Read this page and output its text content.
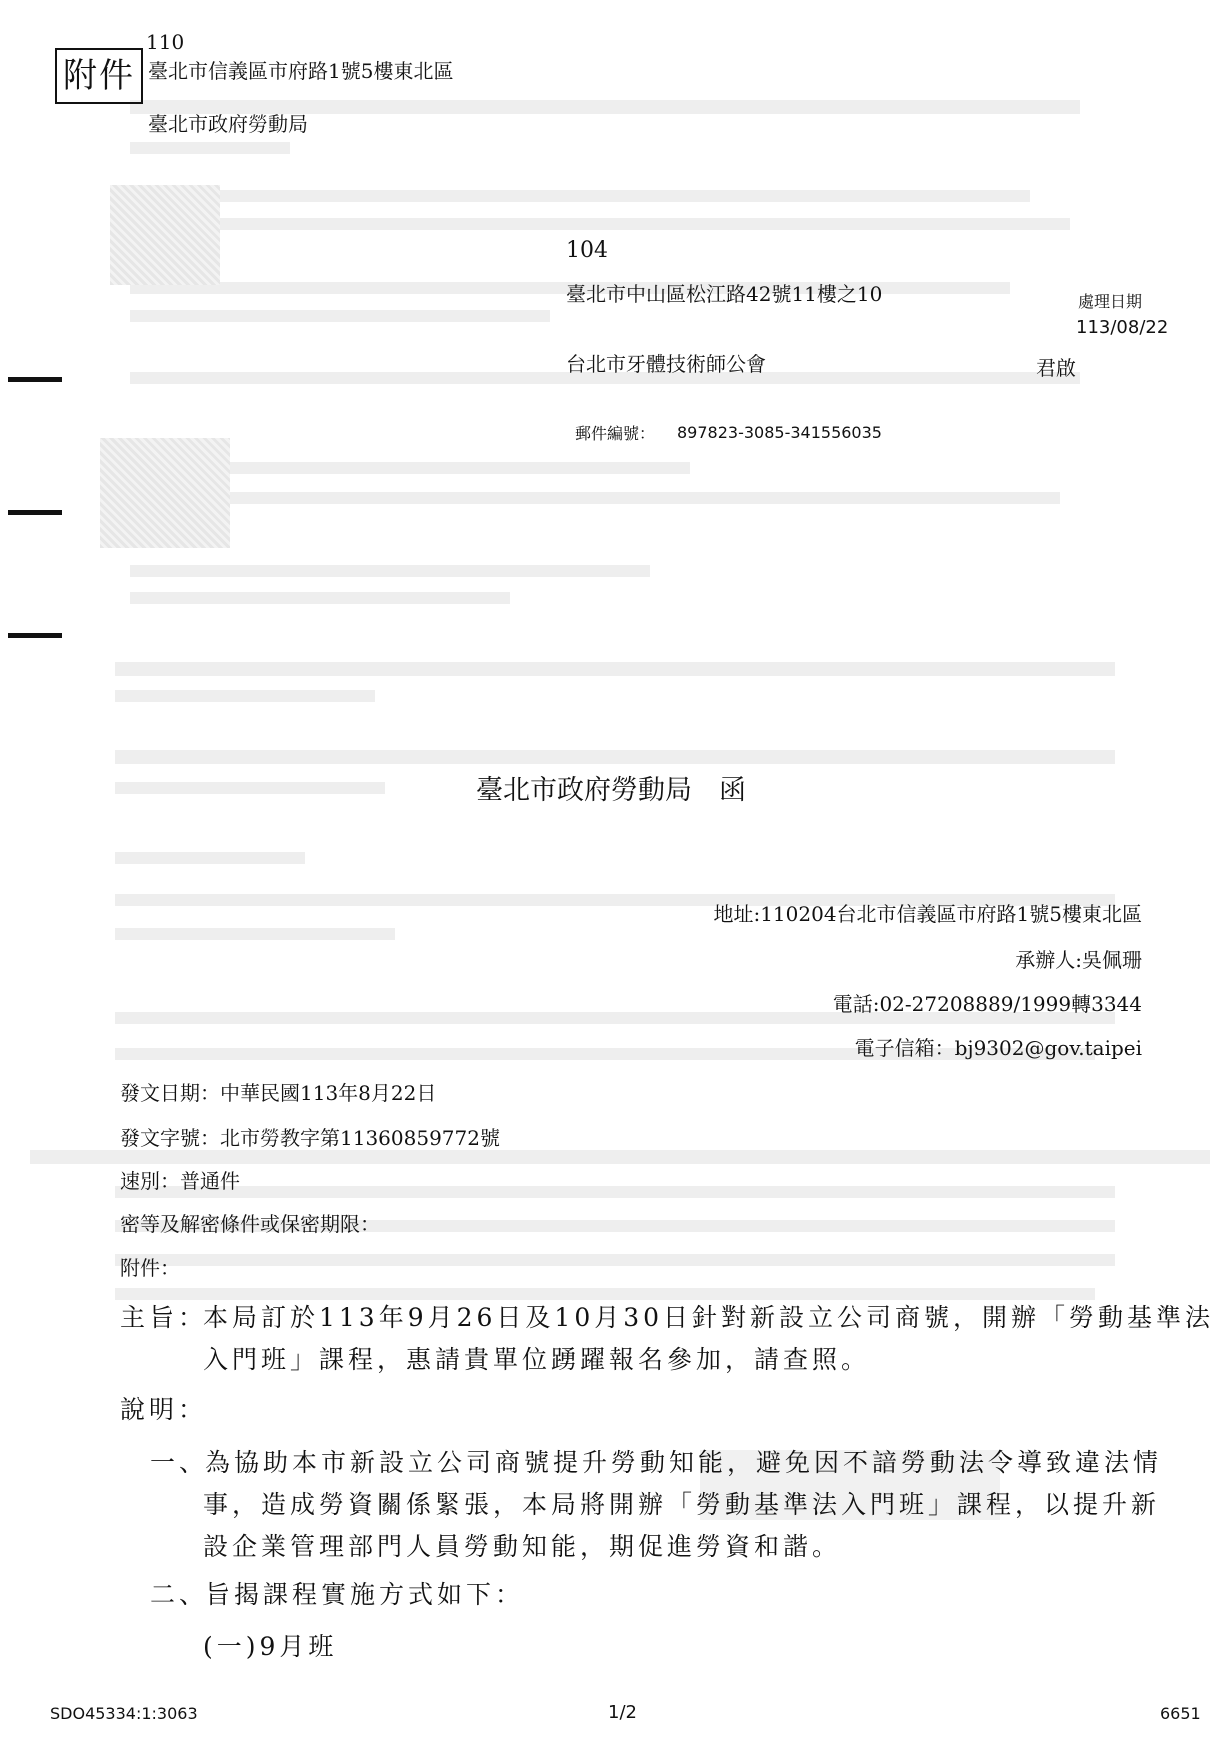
附件
110
臺北市信義區市府路1號5樓東北區
臺北市政府勞動局
104
臺北市中山區松江路42號11樓之10
台北市牙體技術師公會	君啟
處理日期
113/08/22
郵件編號： 897823-3085-341556035
臺北市政府勞動局　函
地址:110204台北市信義區市府路1號5樓東北區
承辦人:吳佩珊
電話:02-27208889/1999轉3344
電子信箱：bj9302@gov.taipei
發文日期：中華民國113年8月22日
發文字號：北市勞教字第11360859772號
速別：普通件
密等及解密條件或保密期限：
附件：
主旨：
本局訂於113年9月26日及10月30日針對新設立公司商號，開辦「勞動基準法
入門班」課程，惠請貴單位踴躍報名參加，請查照。
說明：
一、
為協助本市新設立公司商號提升勞動知能，避免因不諳勞動法令導致違法情
事，造成勞資關係緊張，本局將開辦「勞動基準法入門班」課程，以提升新
設企業管理部門人員勞動知能，期促進勞資和諧。
二、
旨揭課程實施方式如下：
(一)9月班
SDO45334:1:3063	1/2	6651
